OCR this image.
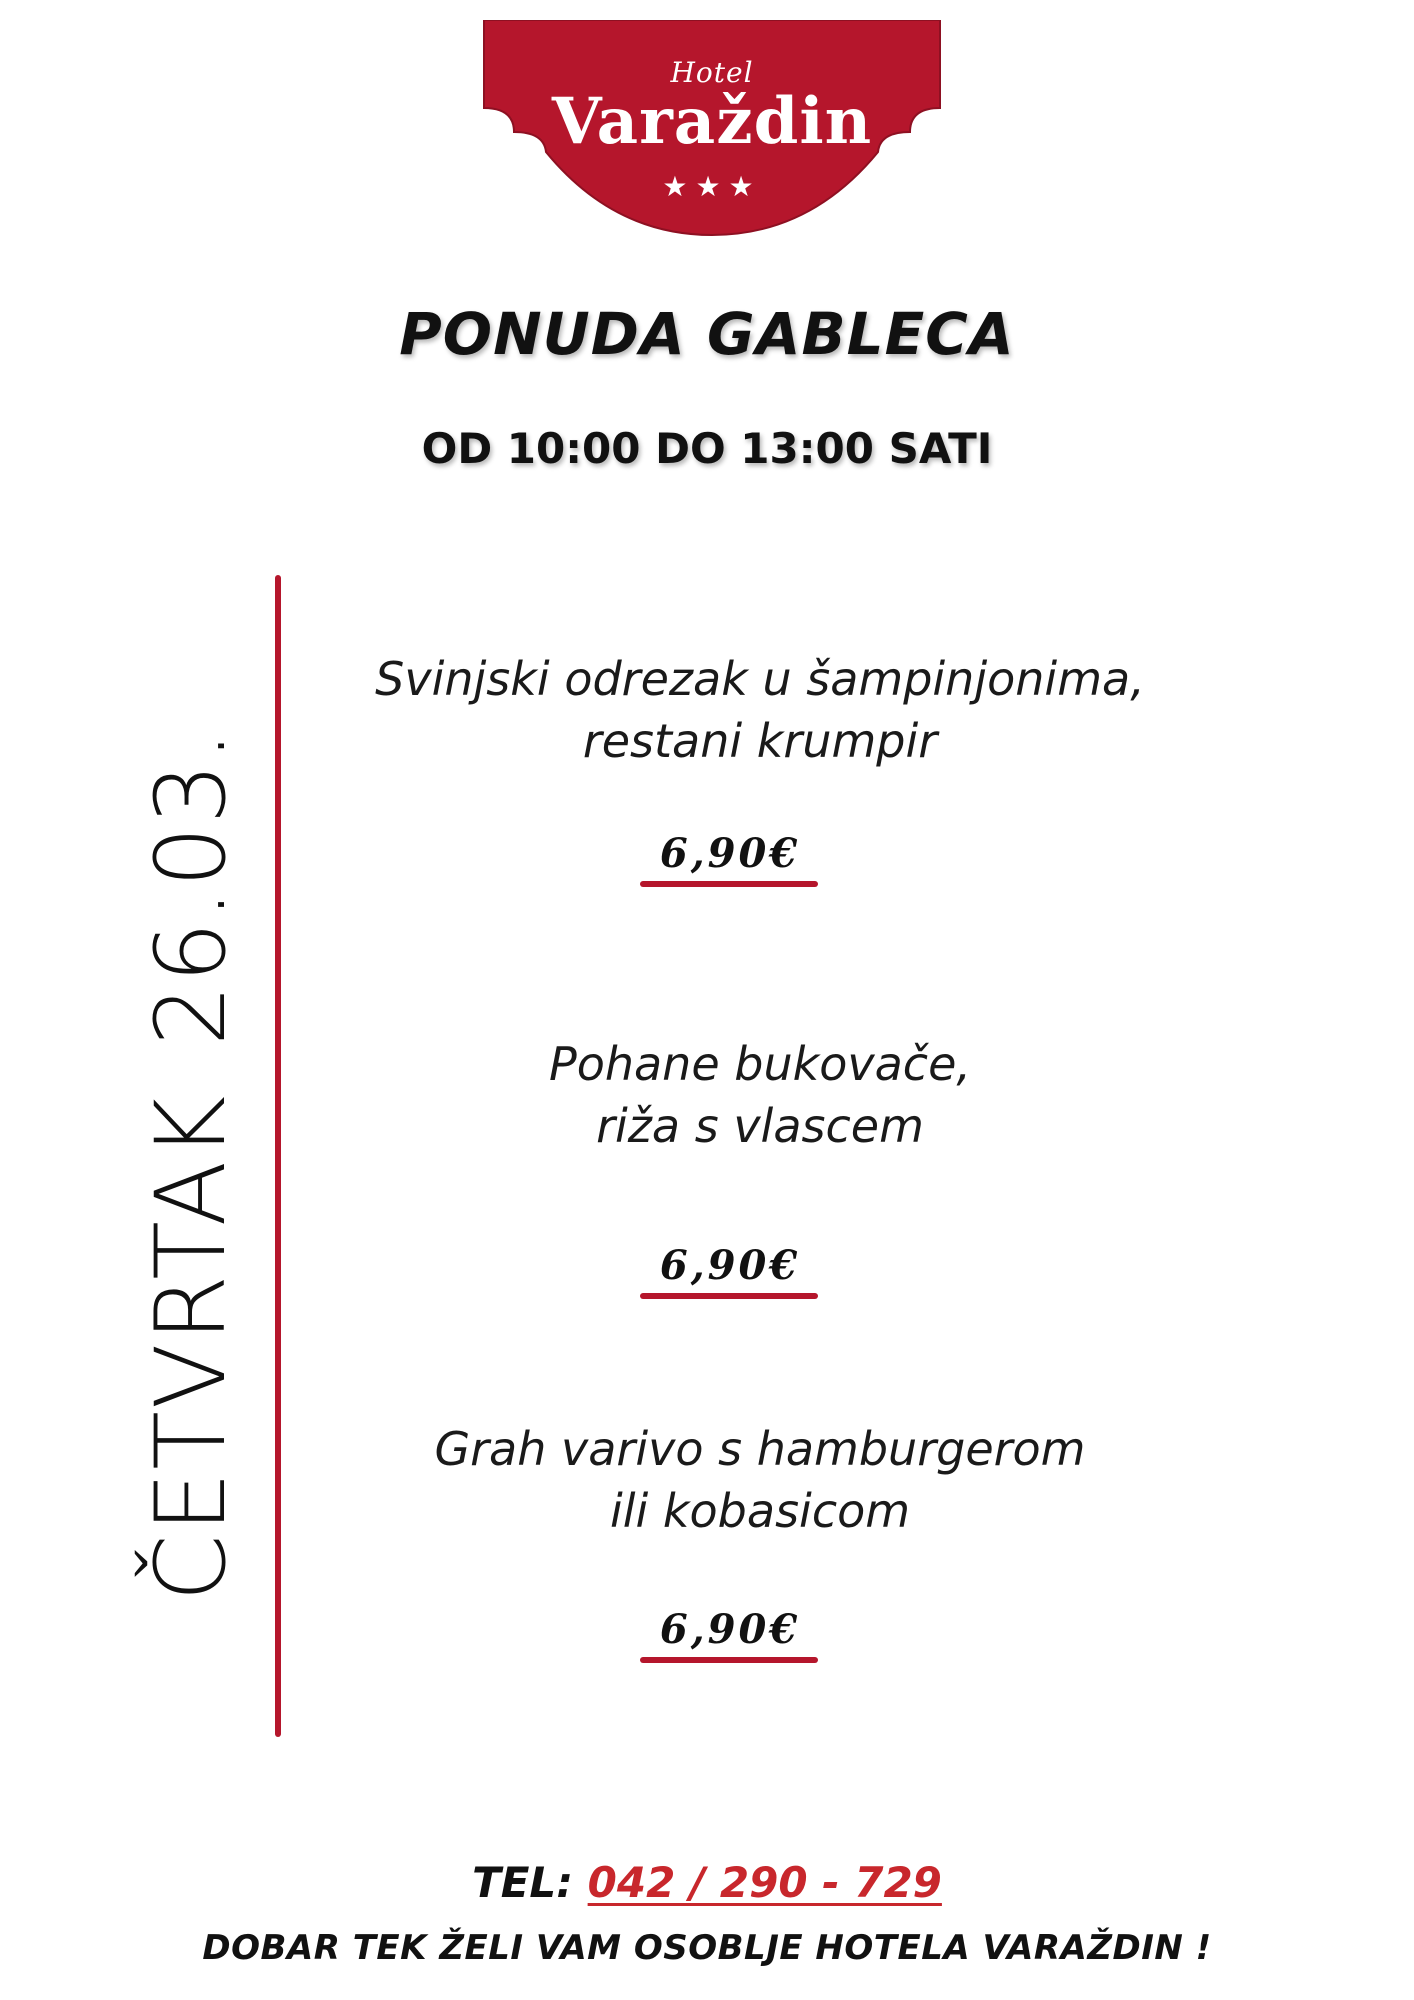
Hotel
Varaždin
★★★
PONUDA GABLECA
OD 10:00 DO 13:00 SATI
ČETVRTAK26.03.
Svinjski odrezak u šampinjonima,
restani krumpir
6,90€
Pohane bukovače,
riža s vlascem
6,90€
Grah varivo s hamburgerom
ili kobasicom
6,90€
TEL: 042 / 290 - 729
DOBAR TEK ŽELI VAM OSOBLJE HOTELA VARAŽDIN !
